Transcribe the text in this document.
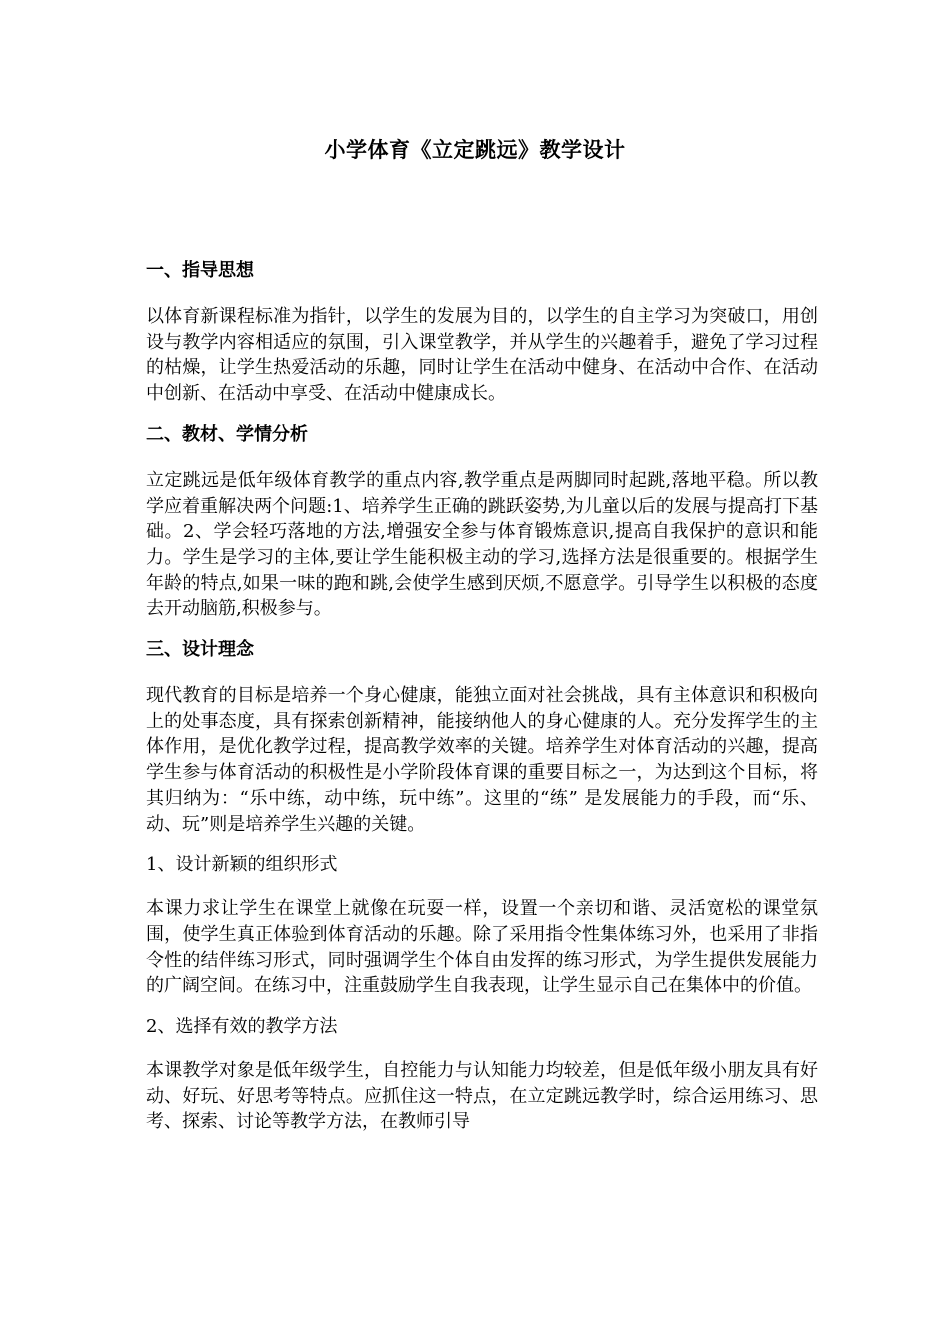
小学体育《立定跳远》教学设计
一、指导思想
以体育新课程标准为指针，以学生的发展为目的，以学生的自主学习为突破口，用创设与教学内容相适应的氛围，引入课堂教学，并从学生的兴趣着手，避免了学习过程的枯燥，让学生热爱活动的乐趣，同时让学生在活动中健身、在活动中合作、在活动中创新、在活动中享受、在活动中健康成长。
二、教材、学情分析
立定跳远是低年级体育教学的重点内容,教学重点是两脚同时起跳,落地平稳。所以教学应着重解决两个问题:1、培养学生正确的跳跃姿势,为儿童以后的发展与提高打下基础。2、学会轻巧落地的方法,增强安全参与体育锻炼意识,提高自我保护的意识和能力。学生是学习的主体,要让学生能积极主动的学习,选择方法是很重要的。根据学生年龄的特点,如果一味的跑和跳,会使学生感到厌烦,不愿意学。引导学生以积极的态度去开动脑筋,积极参与。
三、设计理念
现代教育的目标是培养一个身心健康，能独立面对社会挑战，具有主体意识和积极向上的处事态度，具有探索创新精神，能接纳他人的身心健康的人。充分发挥学生的主体作用，是优化教学过程，提高教学效率的关键。培养学生对体育活动的兴趣，提高学生参与体育活动的积极性是小学阶段体育课的重要目标之一，为达到这个目标，将其归纳为：“乐中练，动中练，玩中练”。这里的“练” 是发展能力的手段，而“乐、动、玩”则是培养学生兴趣的关键。
1、设计新颖的组织形式
本课力求让学生在课堂上就像在玩耍一样，设置一个亲切和谐、灵活宽松的课堂氛围，使学生真正体验到体育活动的乐趣。除了采用指令性集体练习外，也采用了非指令性的结伴练习形式，同时强调学生个体自由发挥的练习形式，为学生提供发展能力的广阔空间。在练习中，注重鼓励学生自我表现，让学生显示自己在集体中的价值。
2、选择有效的教学方法
本课教学对象是低年级学生，自控能力与认知能力均较差，但是低年级小朋友具有好动、好玩、好思考等特点。应抓住这一特点，在立定跳远教学时，综合运用练习、思考、探索、讨论等教学方法，在教师引导
